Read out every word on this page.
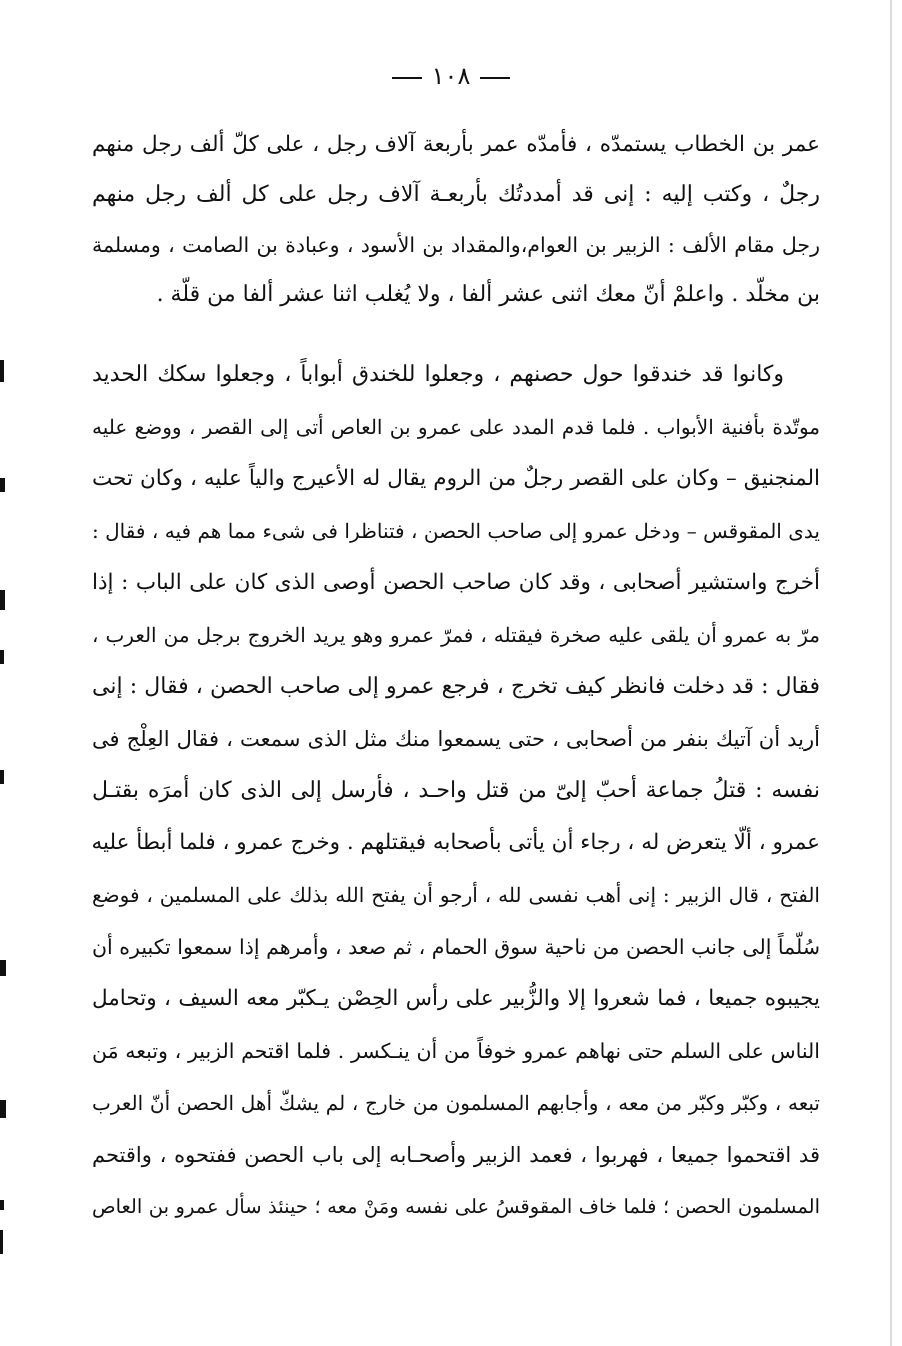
١٠٨
عمر بن الخطاب يستمدّه ، فأمدّه عمر بأربعة آلاف رجل ، على كلّ ألف رجل منهم
رجلٌ ، وكتب إليه : إنى قد أمددتُك بأربعـة آلاف رجل على كل ألف رجل منهم
رجل مقام الألف : الزبير بن العوام،والمقداد بن الأسود ، وعبادة بن الصامت ، ومسلمة
بن مخلّد . واعلمْ أنّ معك اثنى عشر ألفا ، ولا يُغلب اثنا عشر ألفا من قلّة .
وكانوا قد خندقوا حول حصنهم ، وجعلوا للخندق أبواباً ، وجعلوا سكك الحديد
موتّدة بأفنية الأبواب . فلما قدم المدد على عمرو بن العاص أتى إلى القصر ، ووضع عليه
المنجنيق – وكان على القصر رجلٌ من الروم يقال له الأعيرج والياً عليه ، وكان تحت
يدى المقوقس – ودخل عمرو إلى صاحب الحصن ، فتناظرا فى شىء مما هم فيه ، فقال :
أخرج واستشير أصحابى ، وقد كان صاحب الحصن أوصى الذى كان على الباب : إذا
مرّ به عمرو أن يلقى عليه صخرة فيقتله ، فمرّ عمرو وهو يريد الخروج برجل من العرب ،
فقال : قد دخلت فانظر كيف تخرج ، فرجع عمرو إلى صاحب الحصن ، فقال : إنى
أريد أن آتيك بنفر من أصحابى ، حتى يسمعوا منك مثل الذى سمعت ، فقال العِلْج فى
نفسه : قتلُ جماعة أحبّ إلىّ من قتل واحـد ، فأرسل إلى الذى كان أمرَه بقتـل
عمرو ، ألّا يتعرض له ، رجاء أن يأتى بأصحابه فيقتلهم . وخرج عمرو ، فلما أبطأ عليه
الفتح ، قال الزبير : إنى أهب نفسى لله ، أرجو أن يفتح الله بذلك على المسلمين ، فوضع
سُلّماً إلى جانب الحصن من ناحية سوق الحمام ، ثم صعد ، وأمرهم إذا سمعوا تكبيره أن
يجيبوه جميعا ، فما شعروا إلا والزُّبير على رأس الحِصْن يـكبّر معه السيف ، وتحامل
الناس على السلم حتى نهاهم عمرو خوفاً من أن ينـكسر . فلما اقتحم الزبير ، وتبعه مَن
تبعه ، وكبّر وكبّر من معه ، وأجابهم المسلمون من خارج ، لم يشكّ أهل الحصن أنّ العرب
قد اقتحموا جميعا ، فهربوا ، فعمد الزبير وأصحـابه إلى باب الحصن ففتحوه ، واقتحم
المسلمون الحصن ؛ فلما خاف المقوقسُ على نفسه ومَنْ معه ؛ حينئذ سأل عمرو بن العاص
